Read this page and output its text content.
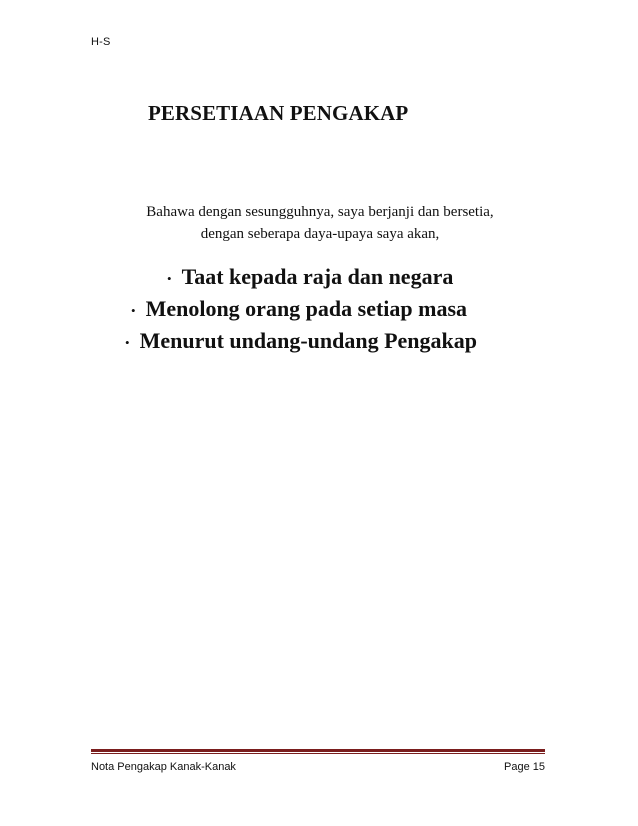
H-S
PERSETIAAN PENGAKAP

Bahawa dengan sesungguhnya, saya berjanji dan bersetia,

dengan seberapa daya-upaya saya akan,

• Taat kepada raja dan negara
• Menolong orang pada setiap masa
• Menurut undang-undang Pengakap
Nota Pengakap Kanak-Kanak	Page 15
